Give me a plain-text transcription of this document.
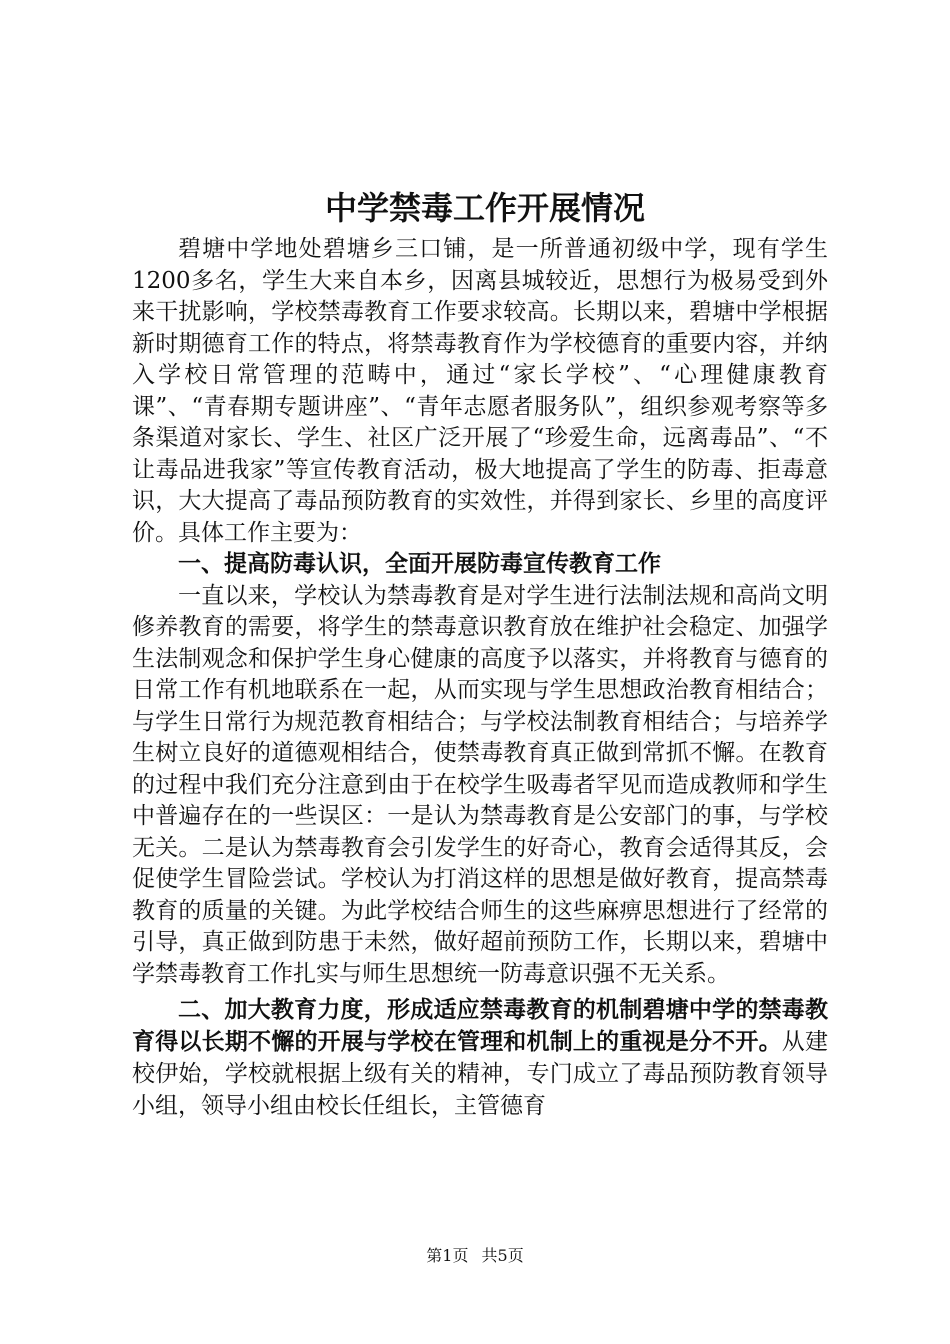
中学禁毒工作开展情况

碧塘中学地处碧塘乡三口铺，是一所普通初级中学，现有学生1200多名，学生大来自本乡，因离县城较近，思想行为极易受到外来干扰影响，学校禁毒教育工作要求较高。长期以来，碧塘中学根据新时期德育工作的特点，将禁毒教育作为学校德育的重要内容，并纳入学校日常管理的范畴中，通过“家长学校”、“心理健康教育课”、“青春期专题讲座”、“青年志愿者服务队”，组织参观考察等多条渠道对家长、学生、社区广泛开展了“珍爱生命，远离毒品”、“不让毒品进我家”等宣传教育活动，极大地提高了学生的防毒、拒毒意识，大大提高了毒品预防教育的实效性，并得到家长、乡里的高度评价。具体工作主要为：

一、提高防毒认识，全面开展防毒宣传教育工作

一直以来，学校认为禁毒教育是对学生进行法制法规和高尚文明修养教育的需要，将学生的禁毒意识教育放在维护社会稳定、加强学生法制观念和保护学生身心健康的高度予以落实，并将教育与德育的日常工作有机地联系在一起，从而实现与学生思想政治教育相结合；与学生日常行为规范教育相结合；与学校法制教育相结合；与培养学生树立良好的道德观相结合，使禁毒教育真正做到常抓不懈。在教育的过程中我们充分注意到由于在校学生吸毒者罕见而造成教师和学生中普遍存在的一些误区：一是认为禁毒教育是公安部门的事，与学校无关。二是认为禁毒教育会引发学生的好奇心，教育会适得其反，会促使学生冒险尝试。学校认为打消这样的思想是做好教育，提高禁毒教育的质量的关键。为此学校结合师生的这些麻痹思想进行了经常的引导，真正做到防患于未然，做好超前预防工作，长期以来，碧塘中学禁毒教育工作扎实与师生思想统一防毒意识强不无关系。

二、加大教育力度，形成适应禁毒教育的机制碧塘中学的禁毒教育得以长期不懈的开展与学校在管理和机制上的重视是分不开。从建校伊始，学校就根据上级有关的精神，专门成立了毒品预防教育领导小组，领导小组由校长任组长，主管德育

第1页 共5页
